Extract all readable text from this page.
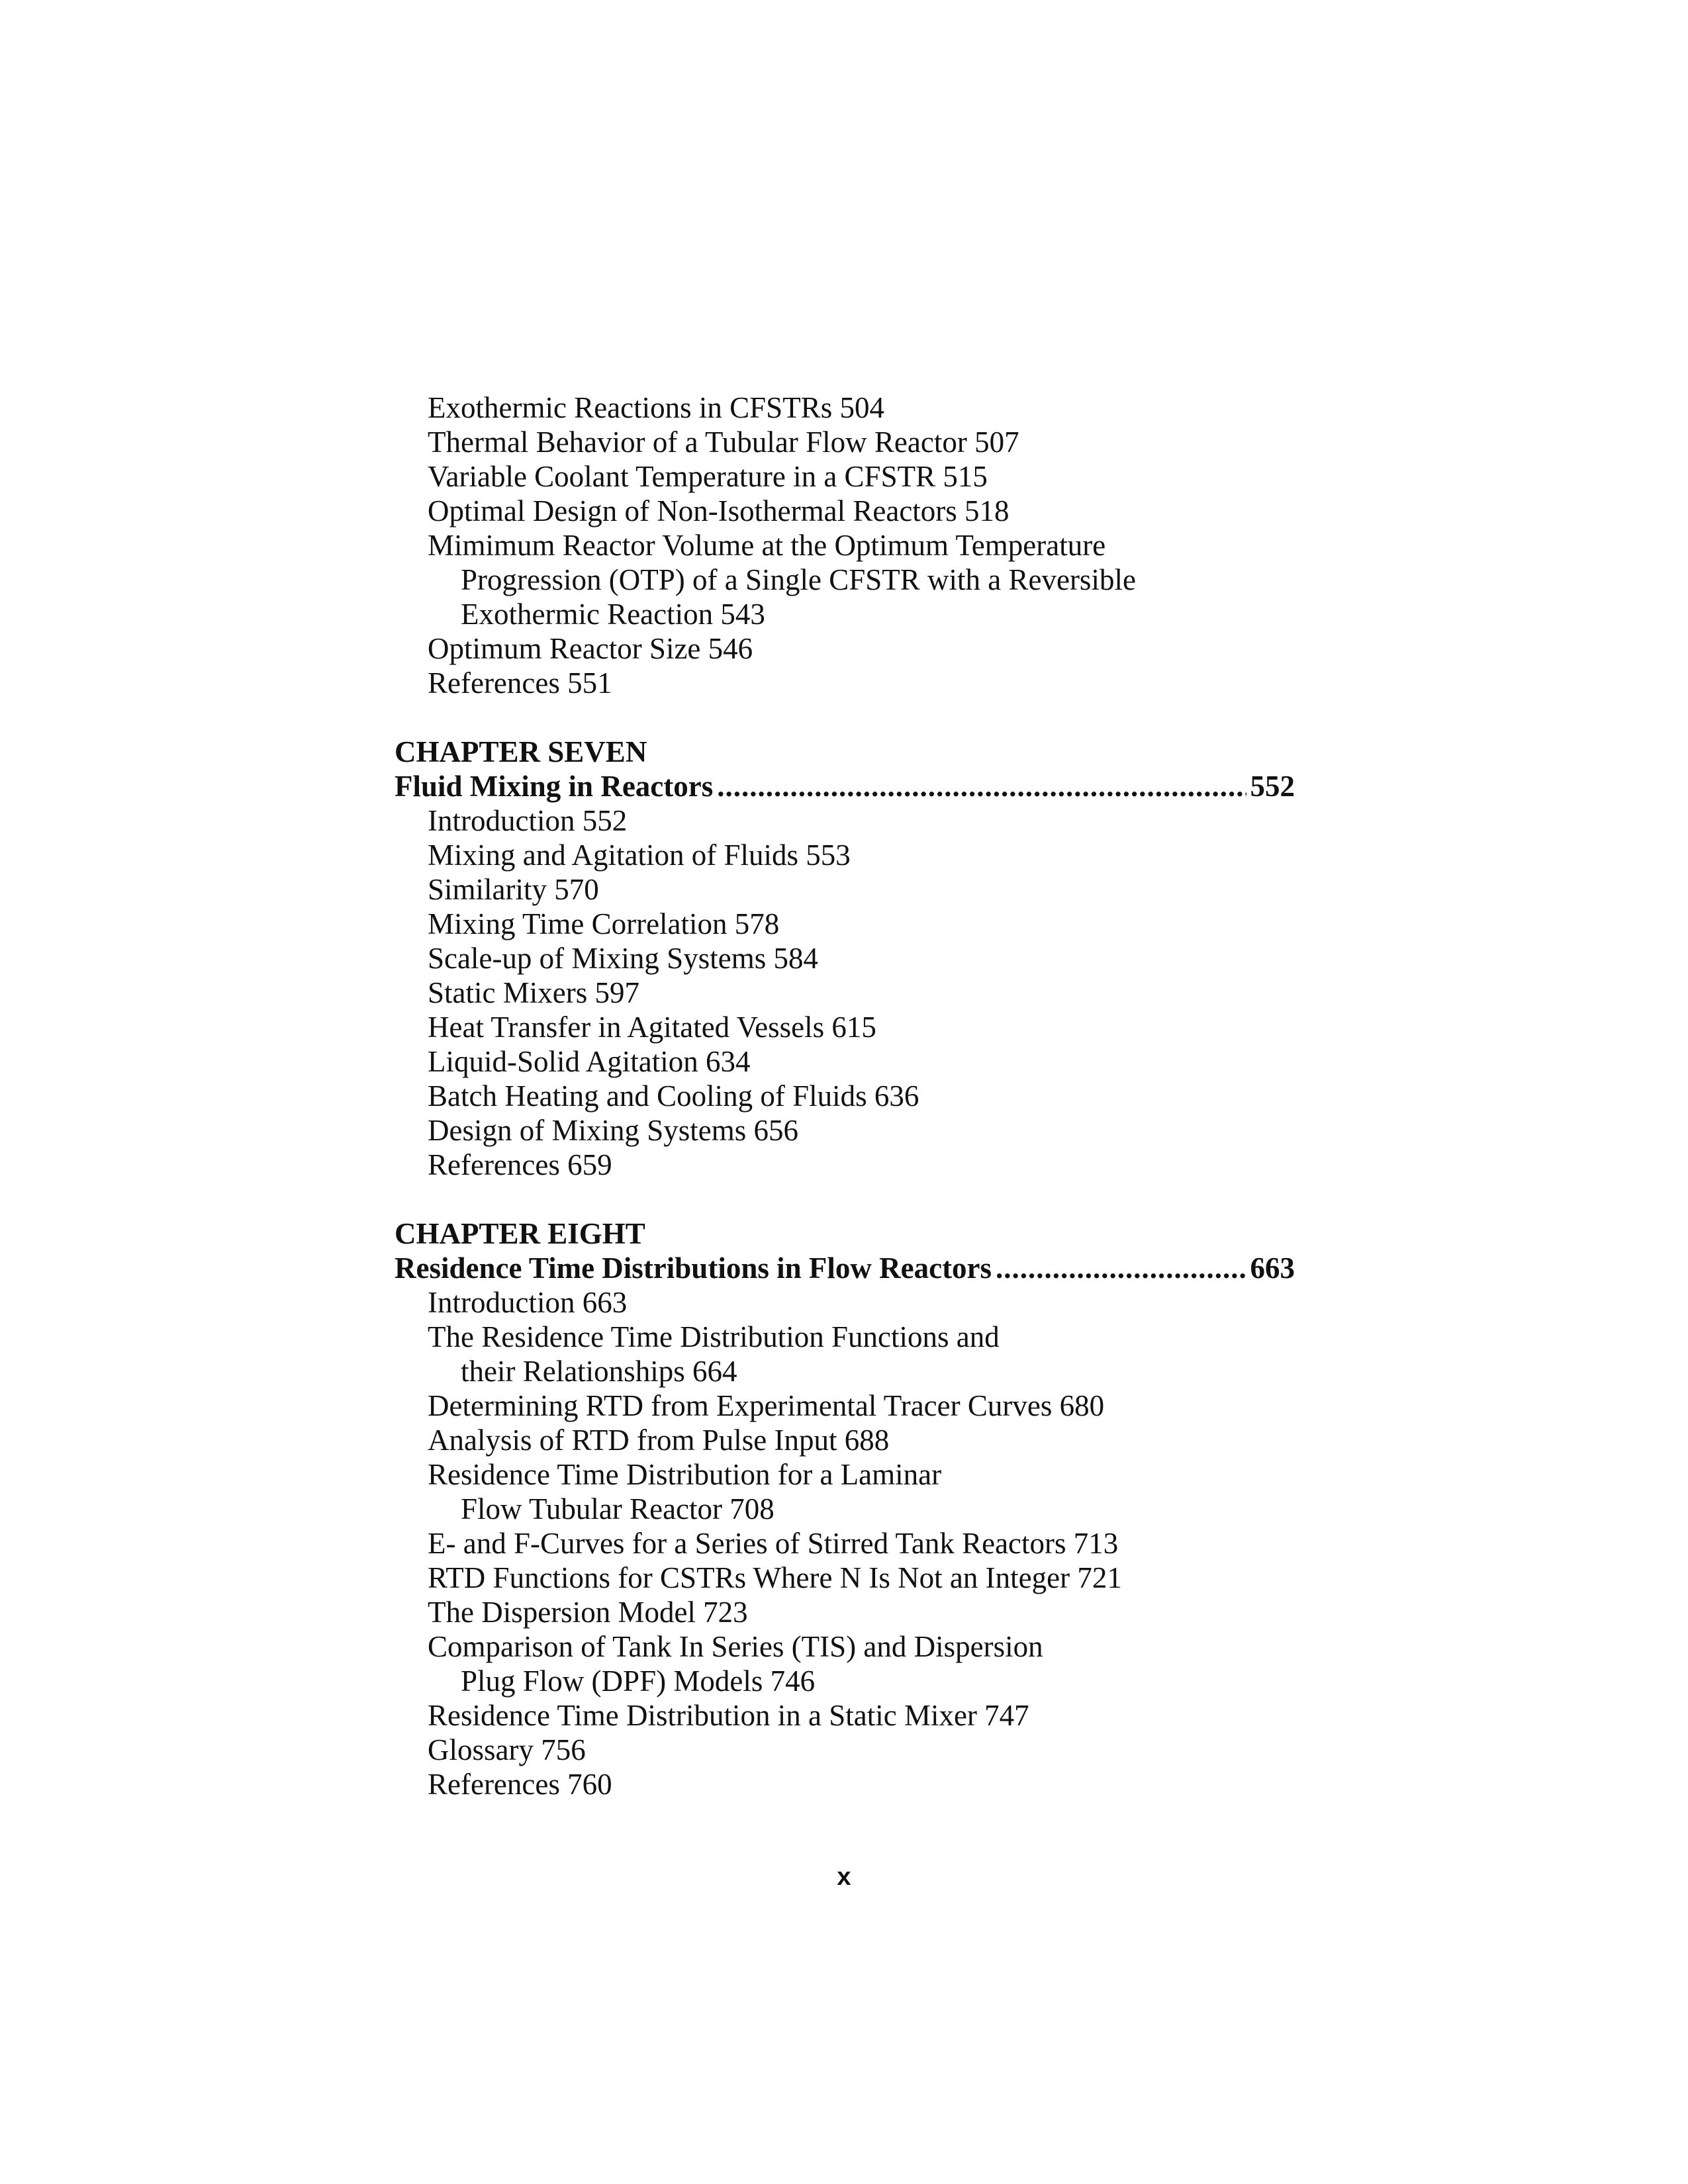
Exothermic Reactions in CFSTRs 504
Thermal Behavior of a Tubular Flow Reactor 507
Variable Coolant Temperature in a CFSTR 515
Optimal Design of Non-Isothermal Reactors 518
Mimimum Reactor Volume at the Optimum Temperature
Progression (OTP) of a Single CFSTR with a Reversible
Exothermic Reaction 543
Optimum Reactor Size 546
References 551
CHAPTER SEVEN
Fluid Mixing in Reactors .....	552
Introduction 552
Mixing and Agitation of Fluids 553
Similarity 570
Mixing Time Correlation 578
Scale-up of Mixing Systems 584
Static Mixers 597
Heat Transfer in Agitated Vessels 615
Liquid-Solid Agitation 634
Batch Heating and Cooling of Fluids 636
Design of Mixing Systems 656
References 659
CHAPTER EIGHT
Residence Time Distributions in Flow Reactors .....	663
Introduction 663
The Residence Time Distribution Functions and
their Relationships 664
Determining RTD from Experimental Tracer Curves 680
Analysis of RTD from Pulse Input 688
Residence Time Distribution for a Laminar
Flow Tubular Reactor 708
E- and F-Curves for a Series of Stirred Tank Reactors 713
RTD Functions for CSTRs Where N Is Not an Integer 721
The Dispersion Model 723
Comparison of Tank In Series (TIS) and Dispersion
Plug Flow (DPF) Models 746
Residence Time Distribution in a Static Mixer 747
Glossary 756
References 760
x
